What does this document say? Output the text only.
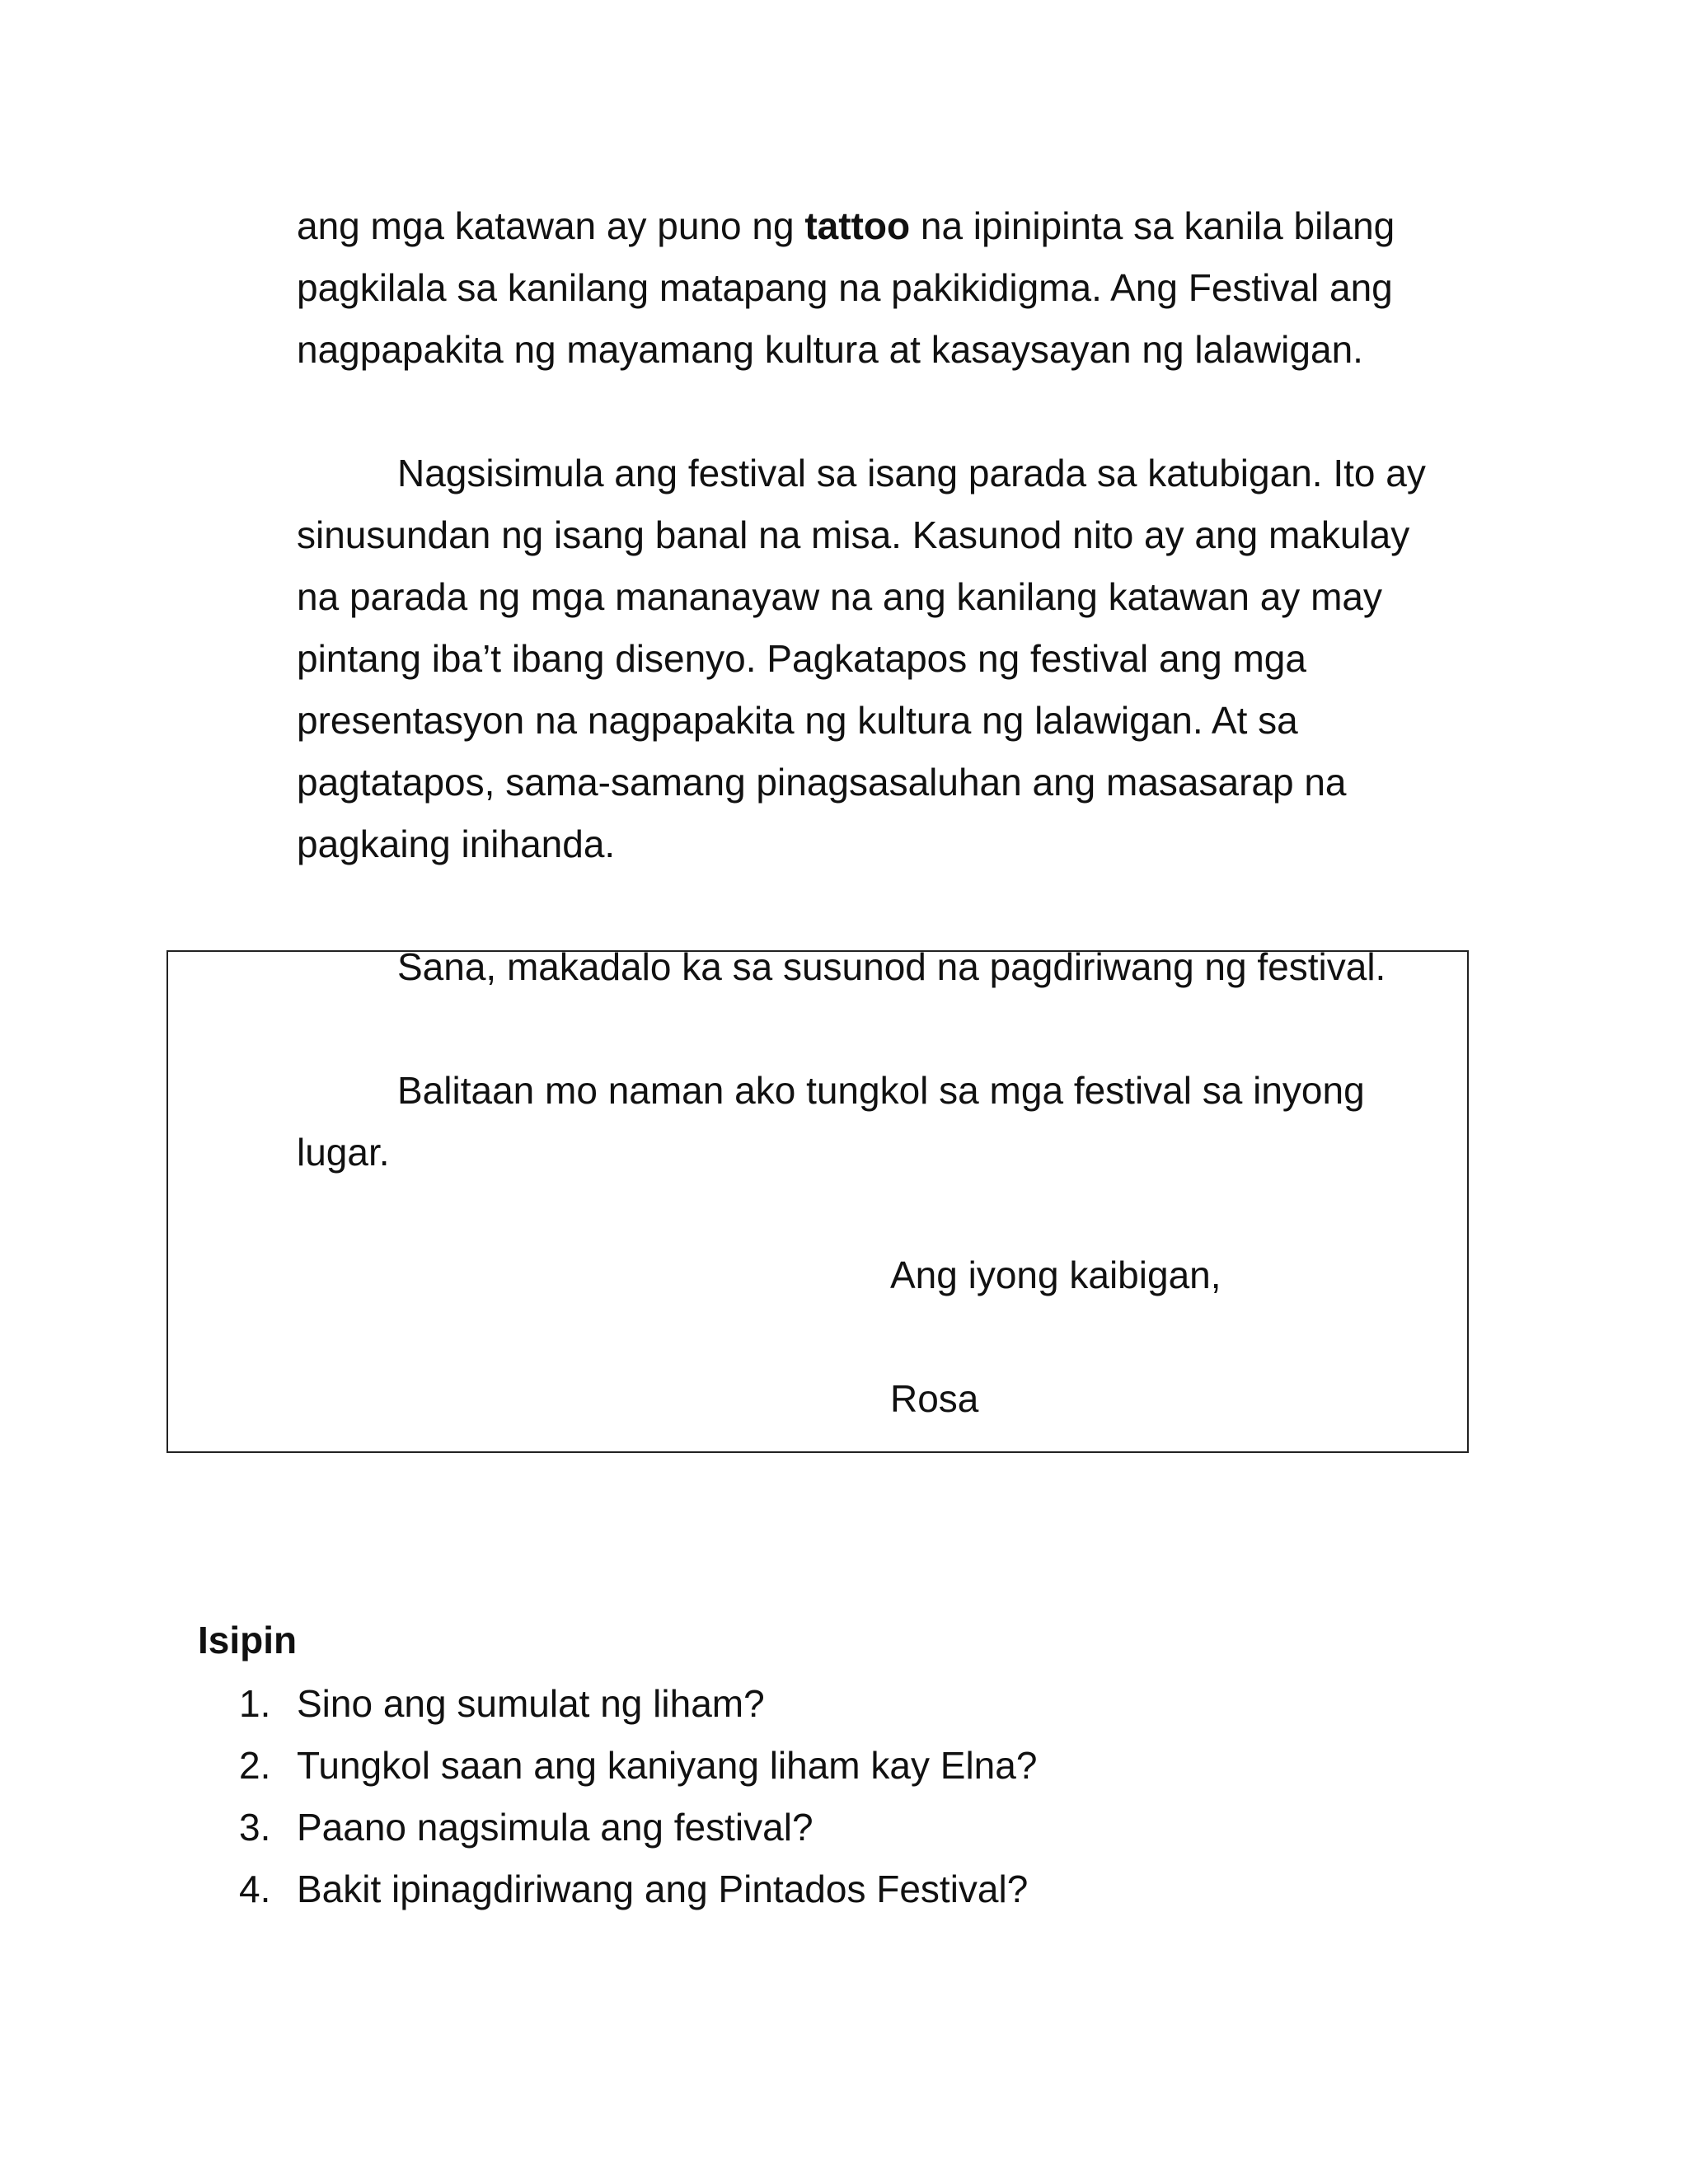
ang mga katawan ay puno ng tattoo na ipinipinta sa kanila bilang
pagkilala sa kanilang matapang na pakikidigma. Ang Festival ang
nagpapakita ng mayamang kultura at kasaysayan ng lalawigan.
Nagsisimula ang festival sa isang parada sa katubigan. Ito ay
sinusundan ng isang banal na misa. Kasunod nito ay ang makulay
na parada ng mga mananayaw na ang kanilang katawan ay may
pintang iba’t ibang disenyo. Pagkatapos ng festival ang mga
presentasyon na nagpapakita ng kultura ng lalawigan. At sa
pagtatapos, sama-samang pinagsasaluhan ang masasarap na
pagkaing inihanda.

Sana, makadalo ka sa susunod na pagdiriwang ng festival.

Balitaan mo naman ako tungkol sa mga festival sa inyong

lugar.

Ang iyong kaibigan,

Rosa

Isipin

1. Sino ang sumulat ng liham?
2. Tungkol saan ang kaniyang liham kay Elna?
3. Paano nagsimula ang festival?
4. Bakit ipinagdiriwang ang Pintados Festival?
